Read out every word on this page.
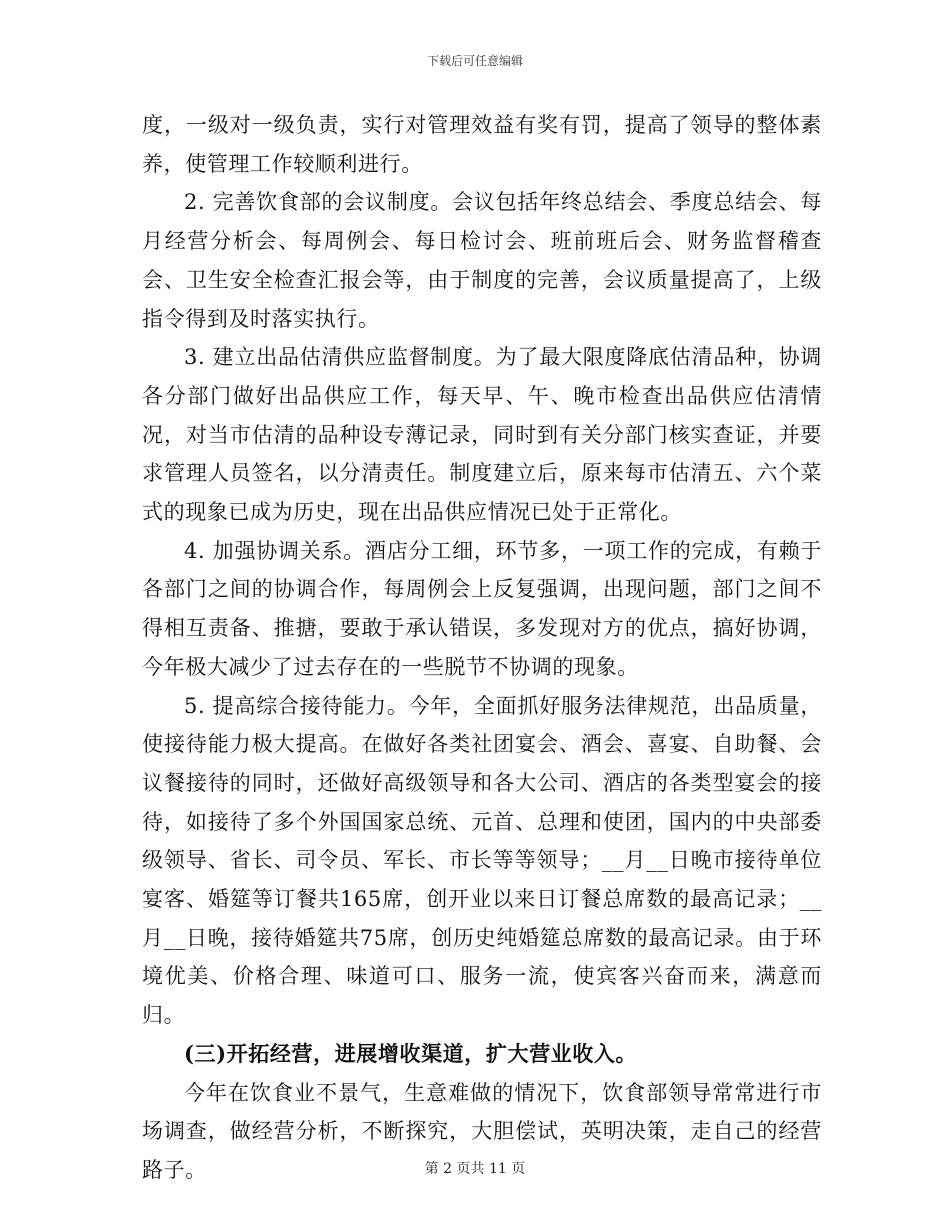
下载后可任意编辑

度，一级对一级负责，实行对管理效益有奖有罚，提高了领导的整体素养，使管理工作较顺利进行。

2. 完善饮食部的会议制度。会议包括年终总结会、季度总结会、每月经营分析会、每周例会、每日检讨会、班前班后会、财务监督稽查会、卫生安全检查汇报会等，由于制度的完善，会议质量提高了，上级指令得到及时落实执行。

3. 建立出品估清供应监督制度。为了最大限度降底估清品种，协调各分部门做好出品供应工作，每天早、午、晚市检查出品供应估清情况，对当市估清的品种设专薄记录，同时到有关分部门核实查证，并要求管理人员签名，以分清责任。制度建立后，原来每市估清五、六个菜式的现象已成为历史，现在出品供应情况已处于正常化。

4. 加强协调关系。酒店分工细，环节多，一项工作的完成，有赖于各部门之间的协调合作，每周例会上反复强调，出现问题，部门之间不得相互责备、推搪，要敢于承认错误，多发现对方的优点，搞好协调，今年极大减少了过去存在的一些脱节不协调的现象。

5. 提高综合接待能力。今年，全面抓好服务法律规范，出品质量，使接待能力极大提高。在做好各类社团宴会、酒会、喜宴、自助餐、会议餐接待的同时，还做好高级领导和各大公司、酒店的各类型宴会的接待，如接待了多个外国国家总统、元首、总理和使团，国内的中央部委级领导、省长、司令员、军长、市长等等领导；__月__日晚市接待单位宴客、婚筵等订餐共165席，创开业以来日订餐总席数的最高记录；__月__日晚，接待婚筵共75席，创历史纯婚筵总席数的最高记录。由于环境优美、价格合理、味道可口、服务一流，使宾客兴奋而来，满意而归。

(三)开拓经营，进展增收渠道，扩大营业收入。

今年在饮食业不景气，生意难做的情况下，饮食部领导常常进行市场调查，做经营分析，不断探究，大胆偿试，英明决策，走自己的经营路子。	第 2 页共 11 页
